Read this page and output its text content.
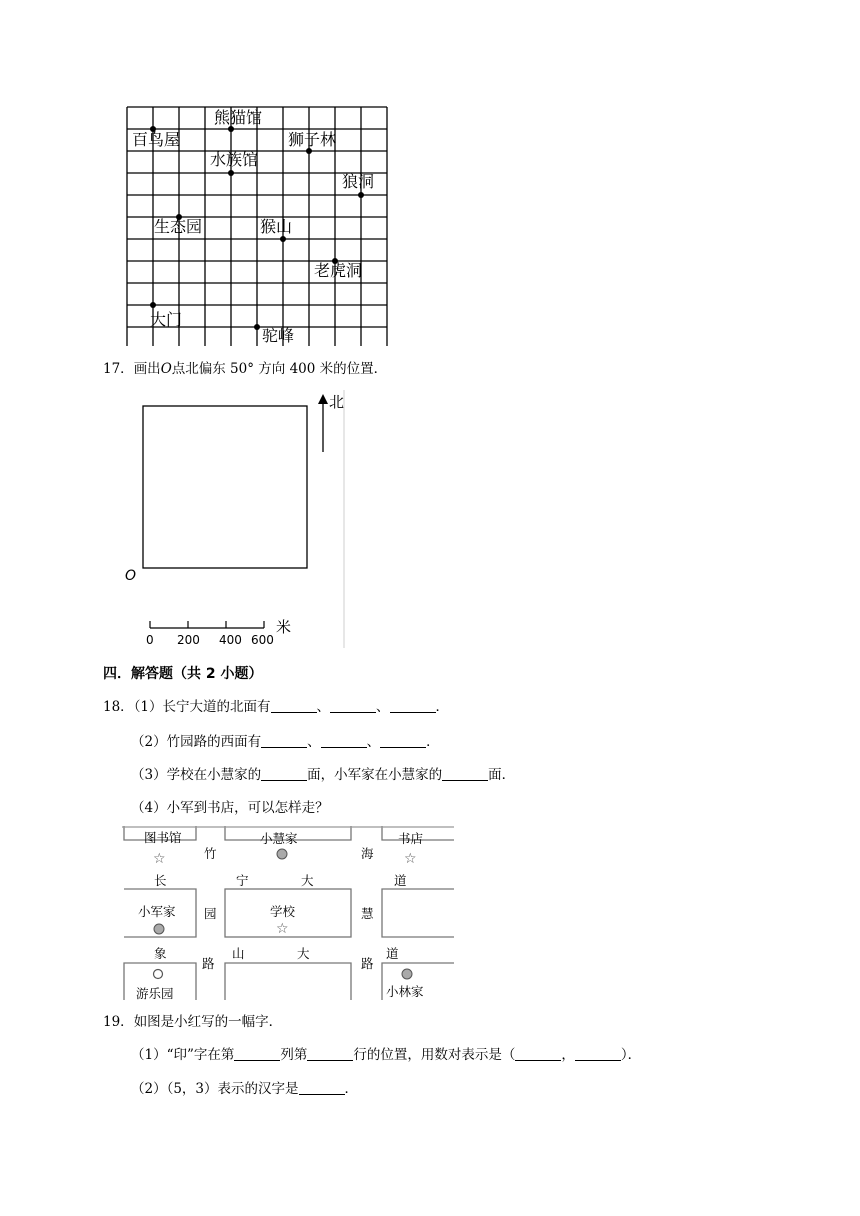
熊猫馆
百鸟屋	狮子林
水族馆
狼洞
生态园	猴山
老虎洞
大门
驼峰
17．画出O点北偏东 50° 方向 400 米的位置．
北
O
0 200 400 600
米
四．解答题（共 2 小题）
18．（1）长宁大道的北面有	、	、	．
（2）竹园路的西面有	、	、	．
（3）学校在小慧家的	面，小军家在小慧家的	面．
（4）小军到书店，可以怎样走？
图书馆	小慧家	书店
小军家	学校
游乐园	小林家
竹
园
路
海
慧
路
长	宁	大	道
象	山	大	道
☆	☆
☆
19．如图是小红写的一幅字．
（1）“印”字在第	列第	行的位置，用数对表示是（	，	）．
（2）（5，3）表示的汉字是	．
